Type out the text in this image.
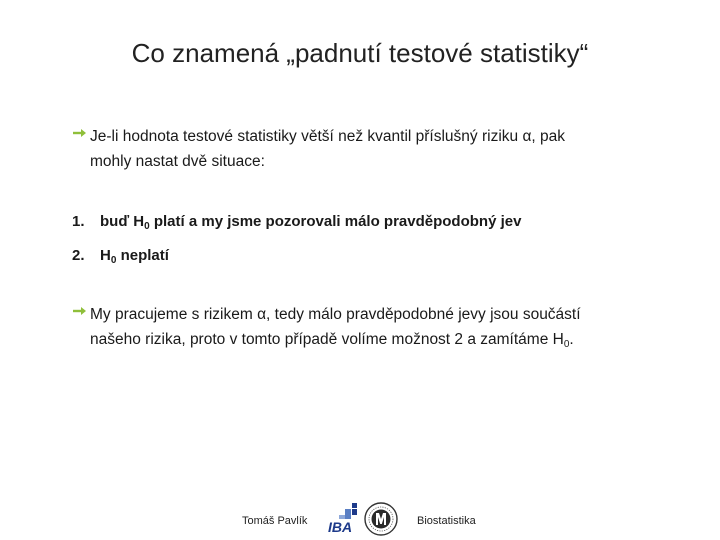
Co znamená „padnutí testové statistiky“
Je-li hodnota testové statistiky větší než kvantil příslušný riziku α, pak
mohly nastat dvě situace:
1. buď $H_0$ platí a my jsme pozorovali málo pravděpodobný jev
2. $H_0$ neplatí
My pracujeme s rizikem α, tedy málo pravděpodobné jevy jsou součástí
našeho rizika, proto v tomto případě volíme možnost 2 a zamítáme $H_0$.
Tomáš Pavlík IBA	Biostatistika
